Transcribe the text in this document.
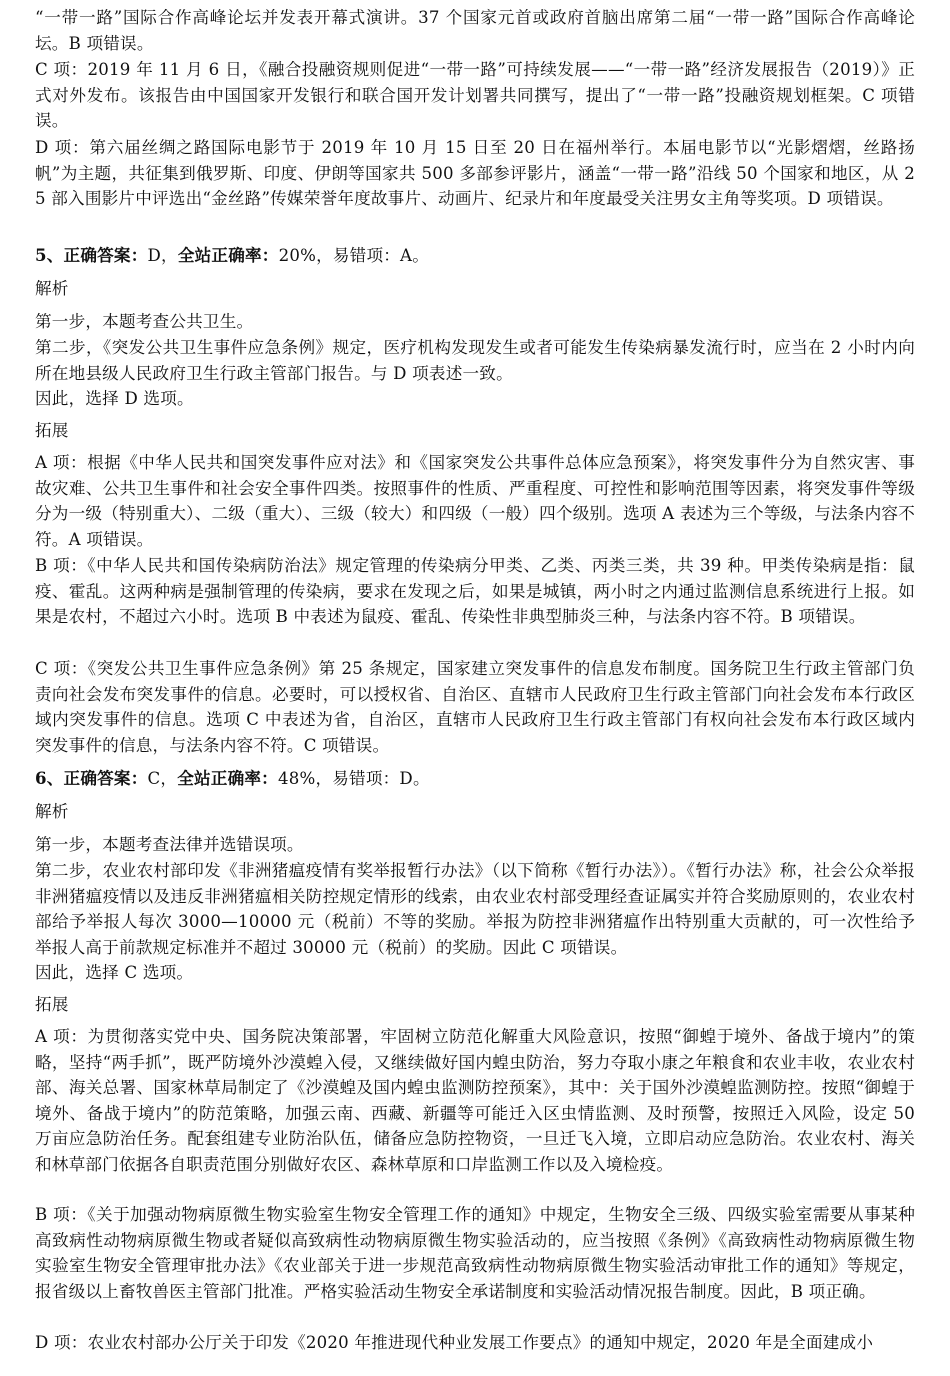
“一带一路”国际合作高峰论坛并发表开幕式演讲。37 个国家元首或政府首脑出席第二届“一带一路”国际合作高峰论坛。B 项错误。
C 项：2019 年 11 月 6 日，《融合投融资规则促进“一带一路”可持续发展——“一带一路”经济发展报告（2019）》正式对外发布。该报告由中国国家开发银行和联合国开发计划署共同撰写，提出了“一带一路”投融资规划框架。C 项错误。
D 项：第六届丝绸之路国际电影节于 2019 年 10 月 15 日至 20 日在福州举行。本届电影节以“光影熠熠，丝路扬帆”为主题，共征集到俄罗斯、印度、伊朗等国家共 500 多部参评影片，涵盖“一带一路”沿线 50 个国家和地区，从 25 部入围影片中评选出“金丝路”传媒荣誉年度故事片、动画片、纪录片和年度最受关注男女主角等奖项。D 项错误。
5、正确答案：D，全站正确率：20%，易错项：A。
解析
第一步，本题考查公共卫生。
第二步，《突发公共卫生事件应急条例》规定，医疗机构发现发生或者可能发生传染病暴发流行时，应当在 2 小时内向所在地县级人民政府卫生行政主管部门报告。与 D 项表述一致。
因此，选择 D 选项。
拓展
A 项：根据《中华人民共和国突发事件应对法》和《国家突发公共事件总体应急预案》，将突发事件分为自然灾害、事故灾难、公共卫生事件和社会安全事件四类。按照事件的性质、严重程度、可控性和影响范围等因素，将突发事件等级分为一级（特别重大）、二级（重大）、三级（较大）和四级（一般）四个级别。选项 A 表述为三个等级，与法条内容不符。A 项错误。
B 项：《中华人民共和国传染病防治法》规定管理的传染病分甲类、乙类、丙类三类，共 39 种。甲类传染病是指：鼠疫、霍乱。这两种病是强制管理的传染病，要求在发现之后，如果是城镇，两小时之内通过监测信息系统进行上报。如果是农村，不超过六小时。选项 B 中表述为鼠疫、霍乱、传染性非典型肺炎三种，与法条内容不符。B 项错误。
C 项：《突发公共卫生事件应急条例》第 25 条规定，国家建立突发事件的信息发布制度。国务院卫生行政主管部门负责向社会发布突发事件的信息。必要时，可以授权省、自治区、直辖市人民政府卫生行政主管部门向社会发布本行政区域内突发事件的信息。选项 C 中表述为省，自治区，直辖市人民政府卫生行政主管部门有权向社会发布本行政区域内突发事件的信息，与法条内容不符。C 项错误。
6、正确答案：C，全站正确率：48%，易错项：D。
解析
第一步，本题考查法律并选错误项。
第二步，农业农村部印发《非洲猪瘟疫情有奖举报暂行办法》（以下简称《暂行办法》）。《暂行办法》称，社会公众举报非洲猪瘟疫情以及违反非洲猪瘟相关防控规定情形的线索，由农业农村部受理经查证属实并符合奖励原则的，农业农村部给予举报人每次 3000—10000 元（税前）不等的奖励。举报为防控非洲猪瘟作出特别重大贡献的，可一次性给予举报人高于前款规定标准并不超过 30000 元（税前）的奖励。因此 C 项错误。
因此，选择 C 选项。
拓展
A 项：为贯彻落实党中央、国务院决策部署，牢固树立防范化解重大风险意识，按照“御蝗于境外、备战于境内”的策略，坚持“两手抓”，既严防境外沙漠蝗入侵，又继续做好国内蝗虫防治，努力夺取小康之年粮食和农业丰收，农业农村部、海关总署、国家林草局制定了《沙漠蝗及国内蝗虫监测防控预案》，其中：关于国外沙漠蝗监测防控。按照“御蝗于境外、备战于境内”的防范策略，加强云南、西藏、新疆等可能迁入区虫情监测、及时预警，按照迁入风险，设定 50 万亩应急防治任务。配套组建专业防治队伍，储备应急防控物资，一旦迁飞入境，立即启动应急防治。农业农村、海关和林草部门依据各自职责范围分别做好农区、森林草原和口岸监测工作以及入境检疫。
B 项：《关于加强动物病原微生物实验室生物安全管理工作的通知》中规定，生物安全三级、四级实验室需要从事某种高致病性动物病原微生物或者疑似高致病性动物病原微生物实验活动的，应当按照《条例》《高致病性动物病原微生物实验室生物安全管理审批办法》《农业部关于进一步规范高致病性动物病原微生物实验活动审批工作的通知》等规定，报省级以上畜牧兽医主管部门批准。严格实验活动生物安全承诺制度和实验活动情况报告制度。因此，B 项正确。
D 项：农业农村部办公厅关于印发《2020 年推进现代种业发展工作要点》的通知中规定，2020 年是全面建成小
